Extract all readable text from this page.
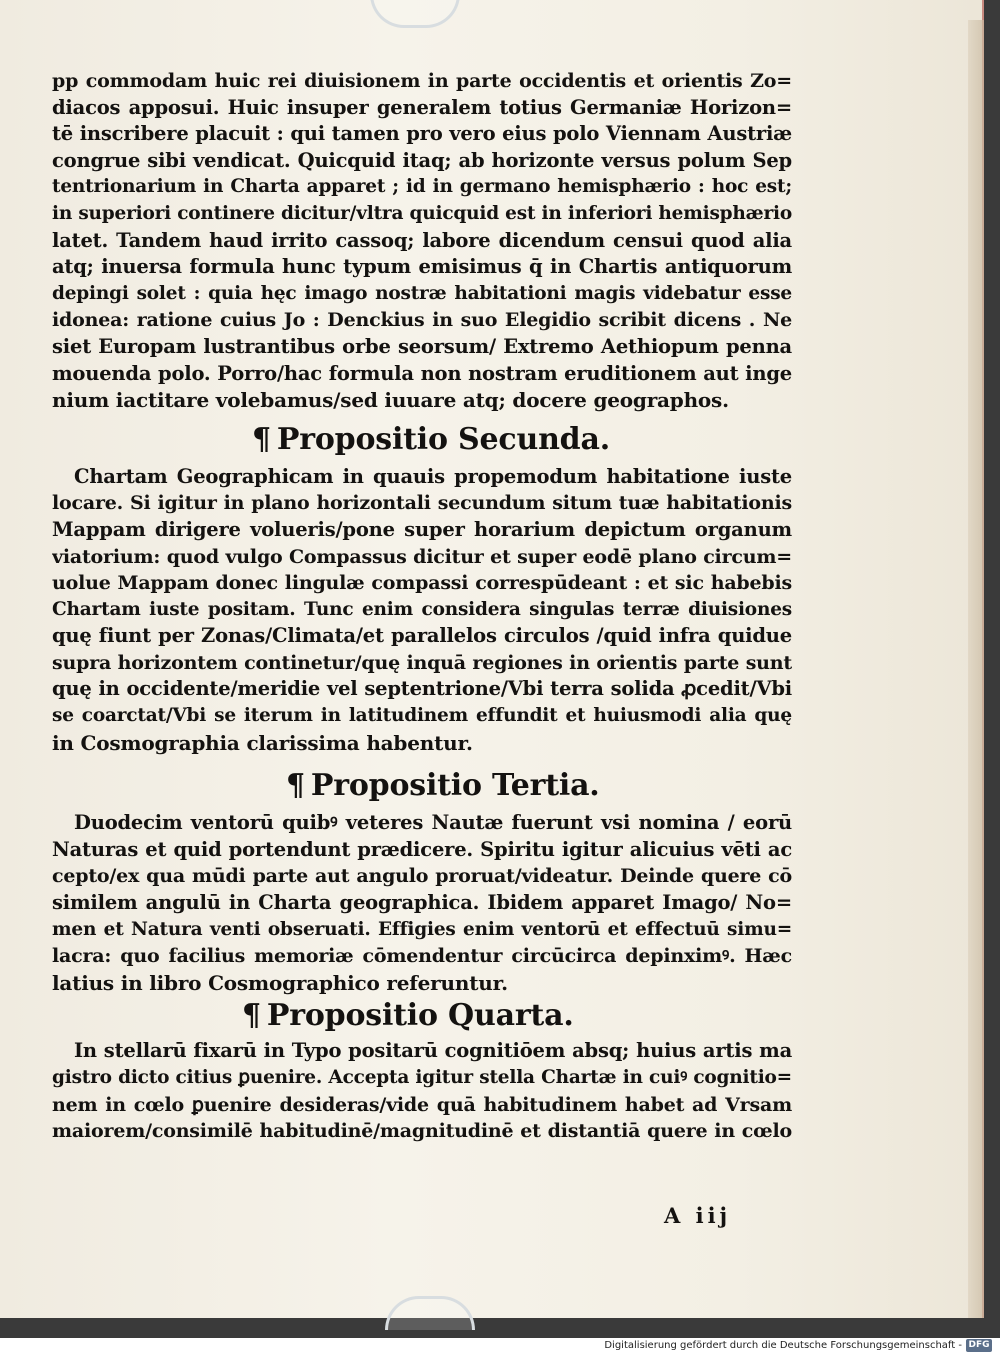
pp commodam huic rei diuisionem in parte occidentis et orientis Zo=
diacos apposui. Huic insuper generalem totius Germaniæ Horizon=
tē inscribere placuit : qui tamen pro vero eius polo Viennam Austriæ
congrue sibi vendicat. Quicquid itaq; ab horizonte versus polum Sep
tentrionarium in Charta apparet ; id in germano hemisphærio : hoc est;
in superiori continere dicitur/vltra quicquid est in inferiori hemisphærio
latet. Tandem haud irrito cassoq; labore dicendum censui quod alia
atq; inuersa formula hunc typum emisimus q̄ in Chartis antiquorum
depingi solet : quia hęc imago nostræ habitationi magis videbatur esse
idonea: ratione cuius Jo : Denckius in suo Elegidio scribit dicens . Ne
siet Europam lustrantibus orbe seorsum/ Extremo Aethiopum penna
mouenda polo. Porro/hac formula non nostram eruditionem aut inge
nium iactitare volebamus/sed iuuare atq; docere geographos.
¶ Propositio Secunda.
Chartam Geographicam in quauis propemodum habitatione iuste
locare. Si igitur in plano horizontali secundum situm tuæ habitationis
Mappam dirigere volueris/pone super horarium depictum organum
viatorium: quod vulgo Compassus dicitur et super eodē plano circum=
uolue Mappam donec lingulæ compassi correspūdeant : et sic habebis
Chartam iuste positam. Tunc enim considera singulas terræ diuisiones
quę fiunt per Zonas/Climata/et parallelos circulos /quid infra quidue
supra horizontem continetur/quę inquā regiones in orientis parte sunt
quę in occidente/meridie vel septentrione/Vbi terra solida ꝓcedit/Vbi
se coarctat/Vbi se iterum in latitudinem effundit et huiusmodi alia quę
in Cosmographia clarissima habentur.
¶ Propositio Tertia.
Duodecim ventorū quibꝰ veteres Nautæ fuerunt vsi nomina / eorū
Naturas et quid portendunt prædicere. Spiritu igitur alicuius vēti ac
cepto/ex qua mūdi parte aut angulo proruat/videatur. Deinde quere cō
similem angulū in Charta geographica. Ibidem apparet Imago/ No=
men et Natura venti obseruati. Effigies enim ventorū et effectuū simu=
lacra: quo facilius memoriæ cōmendentur circūcirca depinximꝰ. Hæc
latius in libro Cosmographico referuntur.
¶ Propositio Quarta.
In stellarū fixarū in Typo positarū cognitiōem absq; huius artis ma
gistro dicto citius ꝑuenire. Accepta igitur stella Chartæ in cuiꝰ cognitio=
nem in cœlo ꝑuenire desideras/vide quā habitudinem habet ad Vrsam
maiorem/consimilē habitudinē/magnitudinē et distantiā quere in cœlo
A iij
Digitalisierung gefördert durch die Deutsche Forschungsgemeinschaft - DFG
